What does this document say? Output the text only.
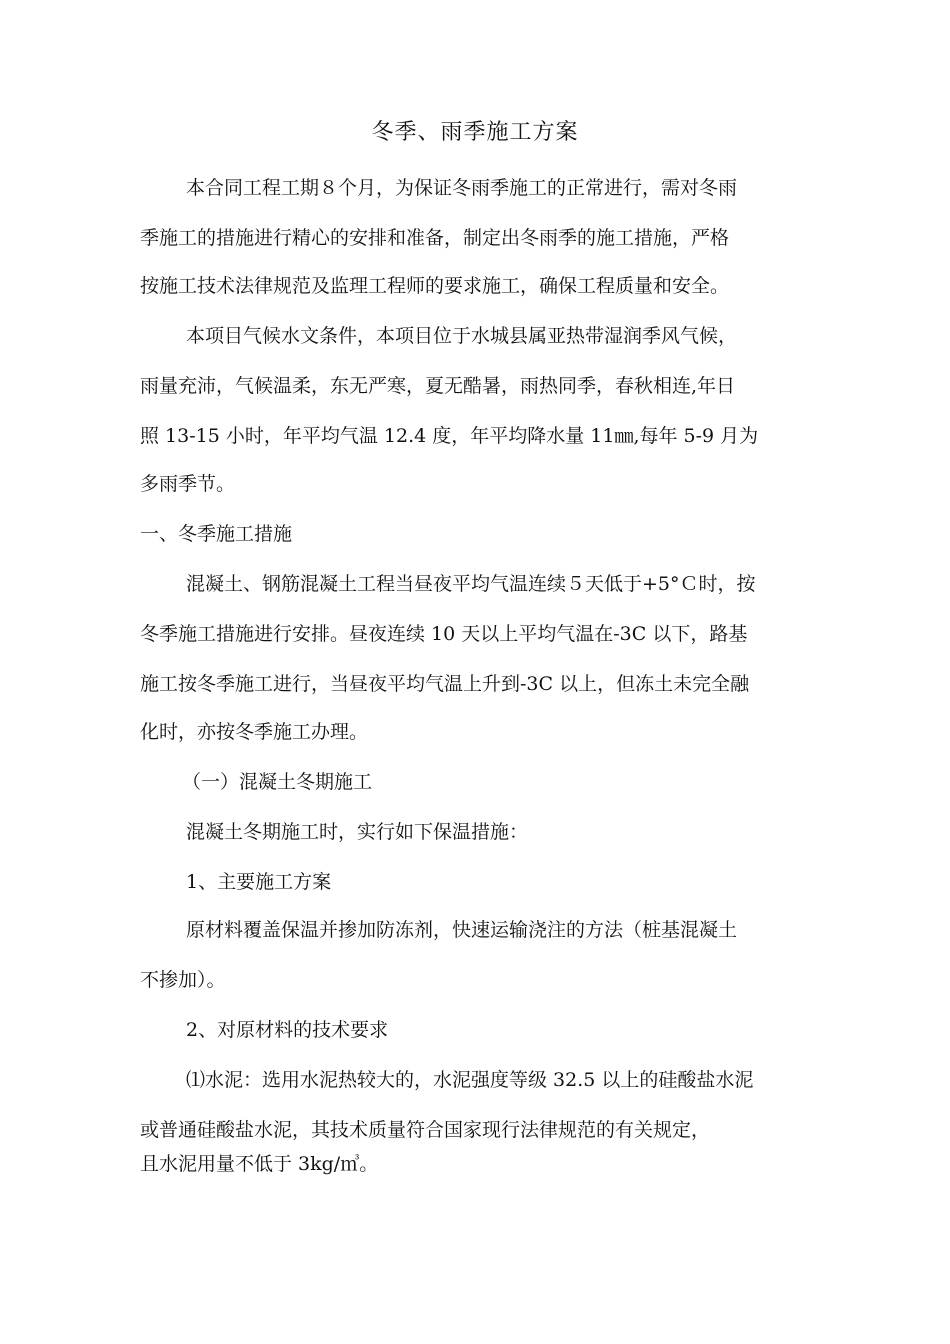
冬季、雨季施工方案
本合同工程工期８个月，为保证冬雨季施工的正常进行，需对冬雨
季施工的措施进行精心的安排和准备，制定出冬雨季的施工措施，严格
按施工技术法律规范及监理工程师的要求施工，确保工程质量和安全。
本项目气候水文条件，本项目位于水城县属亚热带湿润季风气候，
雨量充沛，气候温柔，东无严寒，夏无酷暑，雨热同季，春秋相连,年日
照 13-15 小时，年平均气温 12.4 度，年平均降水量 11㎜,每年 5-9 月为
多雨季节。
一、冬季施工措施
混凝土、钢筋混凝土工程当昼夜平均气温连续５天低于+5°Ｃ时，按
冬季施工措施进行安排。昼夜连续 10 天以上平均气温在-3C 以下，路基
施工按冬季施工进行，当昼夜平均气温上升到-3C 以上，但冻土未完全融
化时，亦按冬季施工办理。
（一）混凝土冬期施工
混凝土冬期施工时，实行如下保温措施：
1、主要施工方案
原材料覆盖保温并掺加防冻剂，快速运输浇注的方法（桩基混凝土
不掺加）。
2、对原材料的技术要求
⑴水泥：选用水泥热较大的，水泥强度等级 32.5 以上的硅酸盐水泥
或普通硅酸盐水泥，其技术质量符合国家现行法律规范的有关规定，
且水泥用量不低于 3kg/㎥。
